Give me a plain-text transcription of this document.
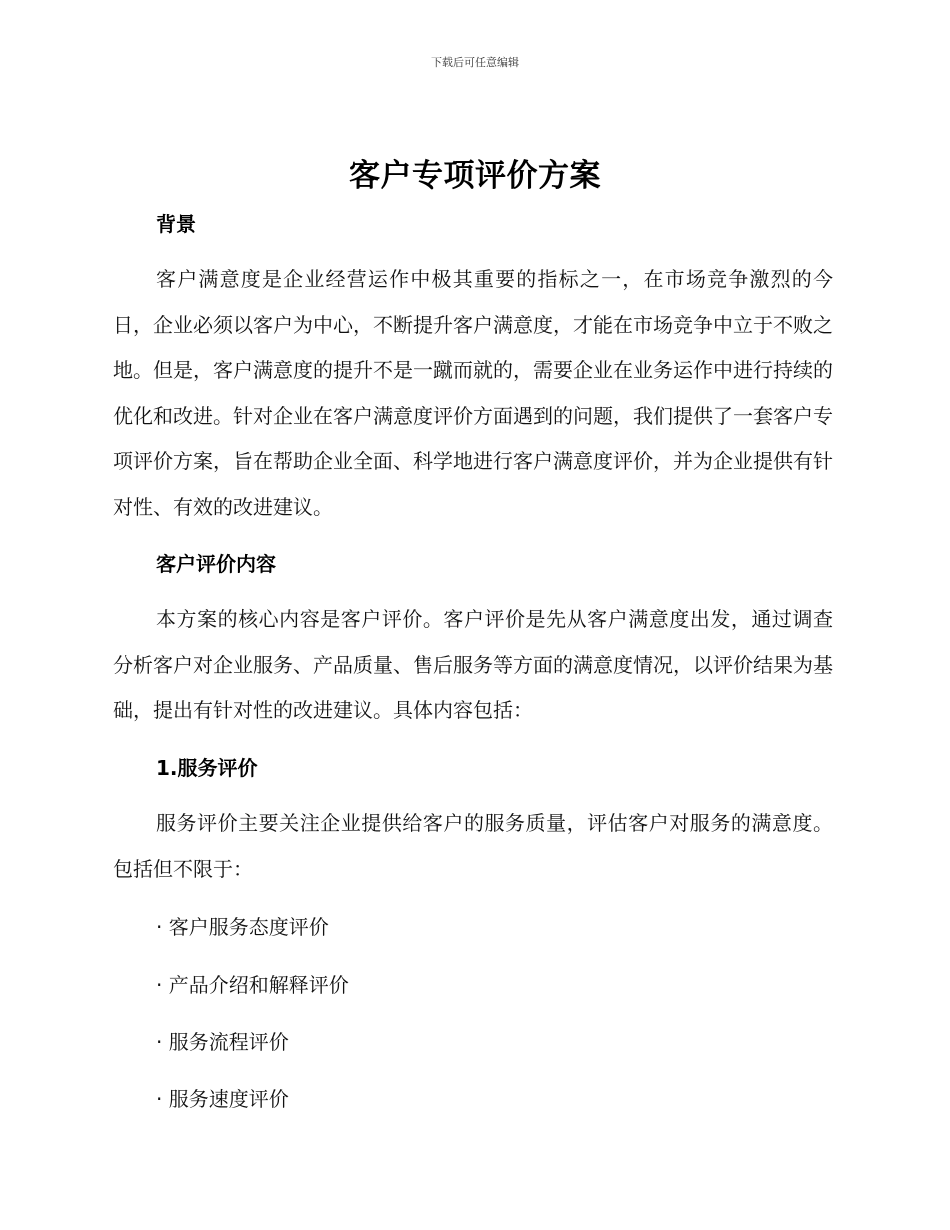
下载后可任意编辑
客户专项评价方案
背景

客户满意度是企业经营运作中极其重要的指标之一，在市场竞争激烈的今日，企业必须以客户为中心，不断提升客户满意度，才能在市场竞争中立于不败之地。但是，客户满意度的提升不是一蹴而就的，需要企业在业务运作中进行持续的优化和改进。针对企业在客户满意度评价方面遇到的问题，我们提供了一套客户专项评价方案，旨在帮助企业全面、科学地进行客户满意度评价，并为企业提供有针对性、有效的改进建议。

客户评价内容

本方案的核心内容是客户评价。客户评价是先从客户满意度出发，通过调查分析客户对企业服务、产品质量、售后服务等方面的满意度情况，以评价结果为基础，提出有针对性的改进建议。具体内容包括：

1.服务评价

服务评价主要关注企业提供给客户的服务质量，评估客户对服务的满意度。包括但不限于：

· 客户服务态度评价
· 产品介绍和解释评价
· 服务流程评价
· 服务速度评价
